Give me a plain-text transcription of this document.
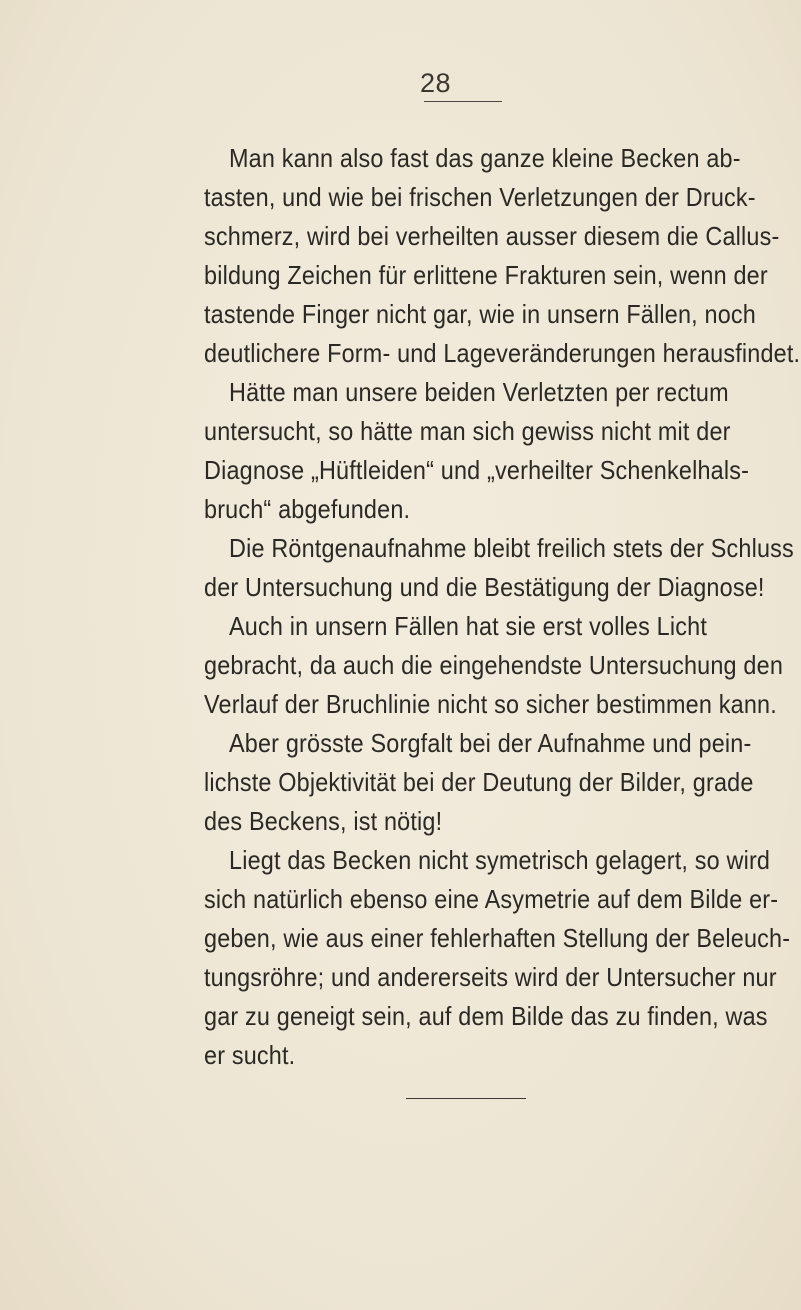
28
Man kann also fast das ganze kleine Becken ab-
tasten, und wie bei frischen Verletzungen der Druck-
schmerz, wird bei verheilten ausser diesem die Callus-
bildung Zeichen für erlittene Frakturen sein, wenn der
tastende Finger nicht gar, wie in unsern Fällen, noch
deutlichere Form- und Lageveränderungen herausfindet.
Hätte man unsere beiden Verletzten per rectum
untersucht, so hätte man sich gewiss nicht mit der
Diagnose „Hüftleiden“ und „verheilter Schenkelhals-
bruch“ abgefunden.
Die Röntgenaufnahme bleibt freilich stets der Schluss
der Untersuchung und die Bestätigung der Diagnose!
Auch in unsern Fällen hat sie erst volles Licht
gebracht, da auch die eingehendste Untersuchung den
Verlauf der Bruchlinie nicht so sicher bestimmen kann.
Aber grösste Sorgfalt bei der Aufnahme und pein-
lichste Objektivität bei der Deutung der Bilder, grade
des Beckens, ist nötig!
Liegt das Becken nicht symetrisch gelagert, so wird
sich natürlich ebenso eine Asymetrie auf dem Bilde er-
geben, wie aus einer fehlerhaften Stellung der Beleuch-
tungsröhre; und andererseits wird der Untersucher nur
gar zu geneigt sein, auf dem Bilde das zu finden, was
er sucht.
